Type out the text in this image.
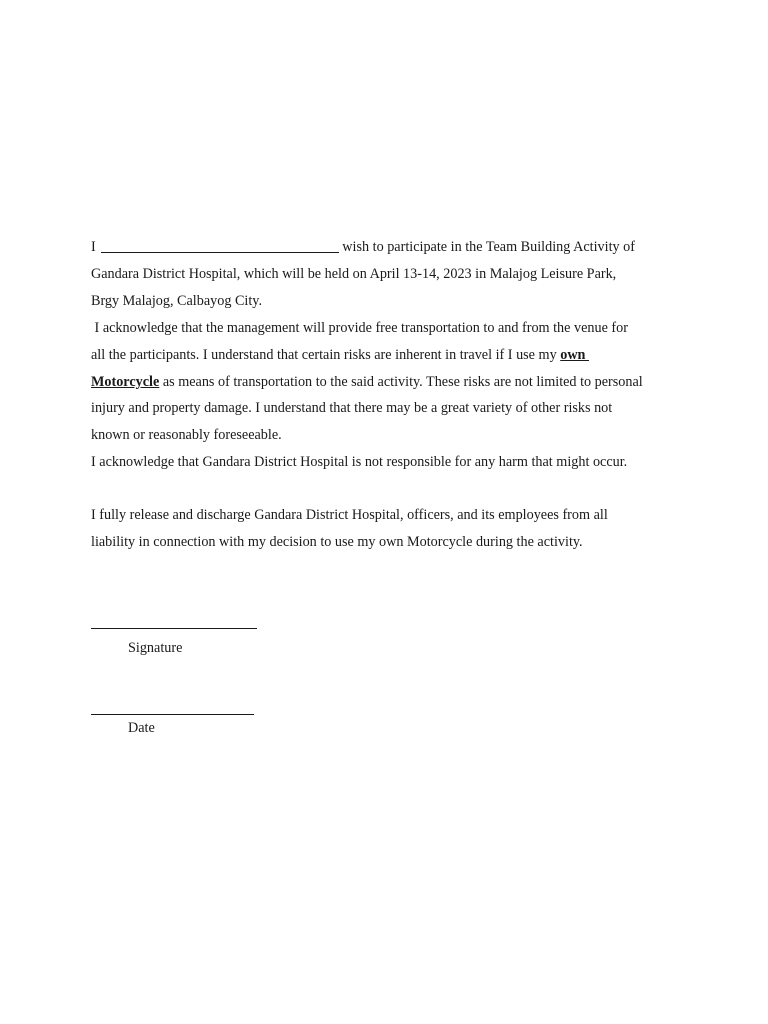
I	wish to participate in the Team Building Activity of
Gandara District Hospital, which will be held on April 13-14, 2023 in Malajog Leisure Park,
Brgy Malajog, Calbayog City.
I acknowledge that the management will provide free transportation to and from the venue for
all the participants. I understand that certain risks are inherent in travel if I use my own
Motorcycle as means of transportation to the said activity. These risks are not limited to personal
injury and property damage. I understand that there may be a great variety of other risks not
known or reasonably foreseeable.
I acknowledge that Gandara District Hospital is not responsible for any harm that might occur.
I fully release and discharge Gandara District Hospital, officers, and its employees from all
liability in connection with my decision to use my own Motorcycle during the activity.
Signature
Date
